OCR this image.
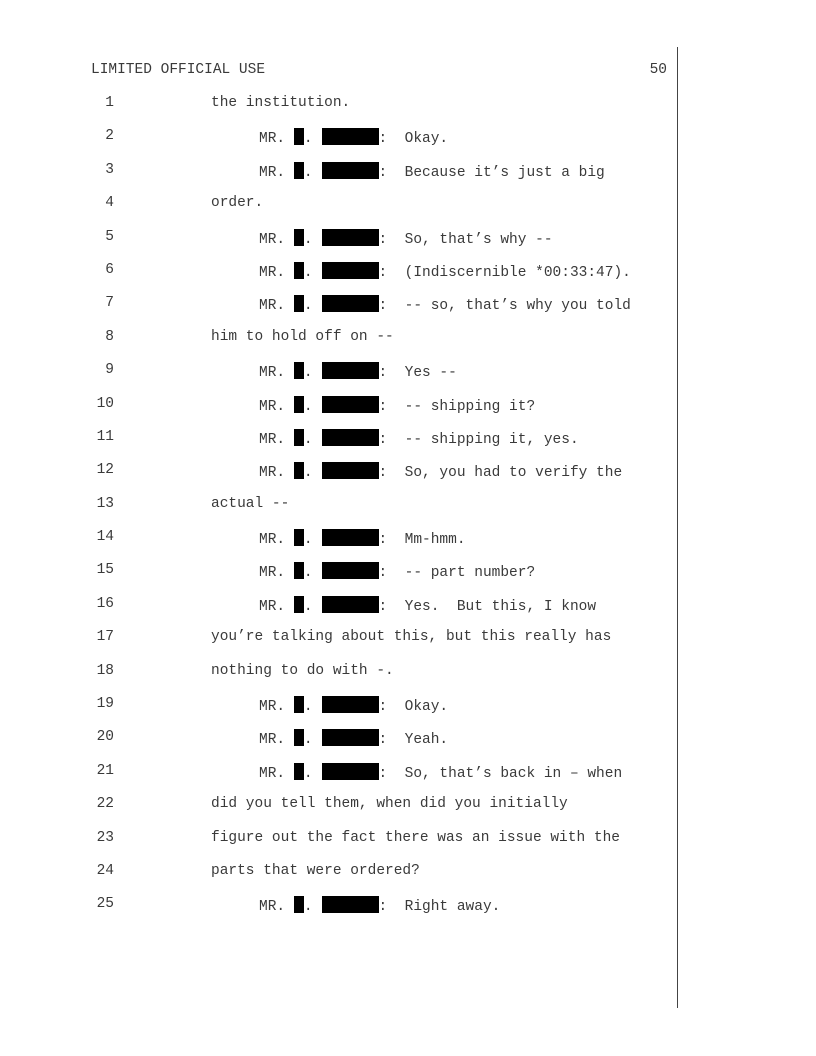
LIMITED OFFICIAL USE	50
1	the institution.
2	MR. .	:  Okay.
3	MR. .	:  Because it’s just a big
4	order.
5	MR. .	:  So, that’s why --
6	MR. .	:  (Indiscernible *00:33:47).
7	MR. .	:  -- so, that’s why you told
8	him to hold off on --
9	MR. .	:  Yes --
10	MR. .	:  -- shipping it?
11	MR. .	:  -- shipping it, yes.
12	MR. .	:  So, you had to verify the
13	actual --
14	MR. .	:  Mm-hmm.
15	MR. .	:  -- part number?
16	MR. .	:  Yes.  But this, I know
17	you’re talking about this, but this really has
18	nothing to do with -.
19	MR. .	:  Okay.
20	MR. .	:  Yeah.
21	MR. .	:  So, that’s back in – when
22	did you tell them, when did you initially
23	figure out the fact there was an issue with the
24	parts that were ordered?
25	MR. .	:  Right away.
